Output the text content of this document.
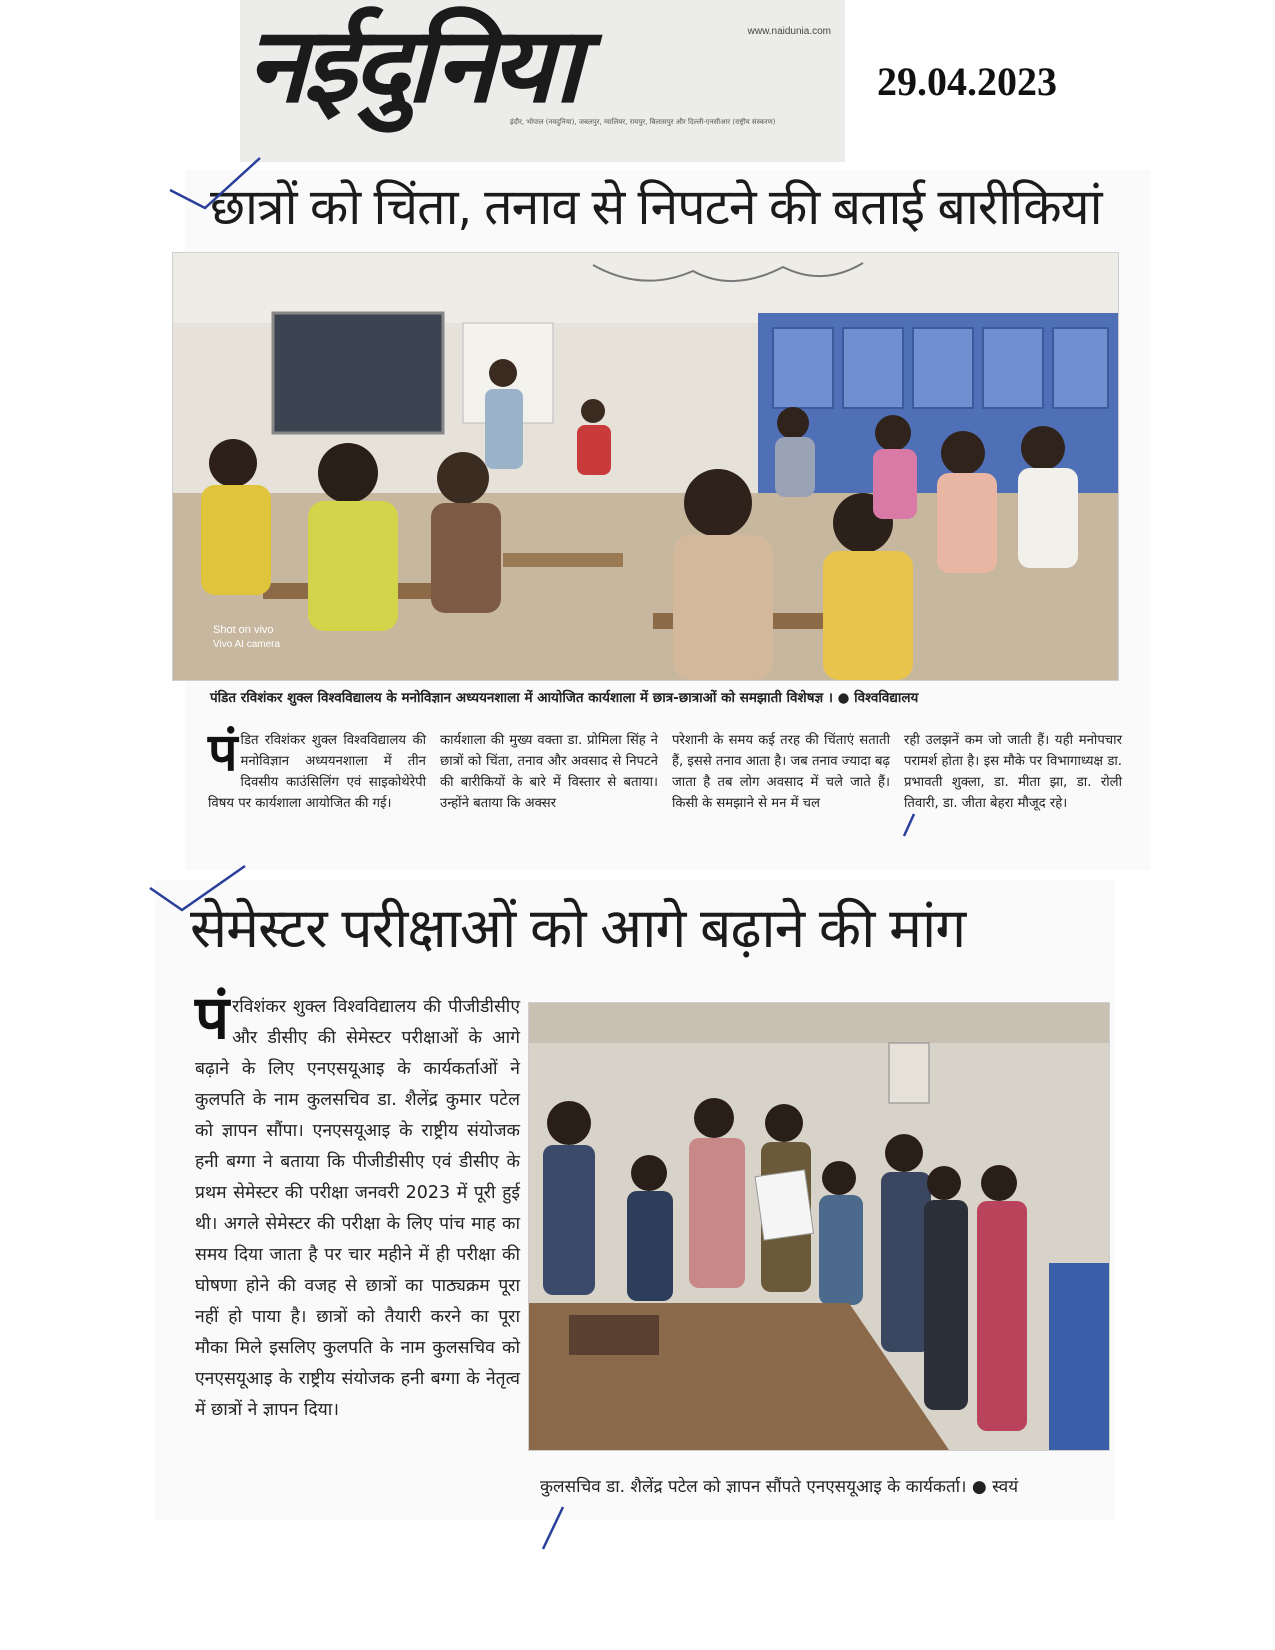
नईदुनिया	www.naidunia.com
इंदौर, भोपाल (नवदुनिया), जबलपुर, ग्वालियर, रायपुर, बिलासपुर और दिल्ली-एनसीआर (राष्ट्रीय संस्करण)
29.04.2023
छात्रों को चिंता, तनाव से निपटने की बताई बारीकियां
Shot on vivo
Vivo AI camera
पंडित रविशंकर शुक्ल विश्वविद्यालय के मनोविज्ञान अध्ययनशाला में आयोजित कार्यशाला में छात्र-छात्राओं को समझाती विशेषज्ञ । ● विश्वविद्यालय
पं डित रविशंकर शुक्ल विश्वविद्यालय की मनोविज्ञान अध्ययनशाला में तीन दिवसीय काउंसिलिंग एवं साइकोथेरेपी विषय पर कार्यशाला आयोजित की गई।
कार्यशाला की मुख्य वक्ता डा. प्रोमिला सिंह ने छात्रों को चिंता, तनाव और अवसाद से निपटने की बारीकियों के बारे में विस्तार से बताया। उन्होंने बताया कि अक्सर
परेशानी के समय कई तरह की चिंताएं सताती हैं, इससे तनाव आता है। जब तनाव ज्यादा बढ़ जाता है तब लोग अवसाद में चले जाते हैं। किसी के समझाने से मन में चल
रही उलझनें कम जो जाती हैं। यही मनोपचार परामर्श होता है। इस मौके पर विभागाध्यक्ष डा. प्रभावती शुक्ला, डा. मीता झा, डा. रोली तिवारी, डा. जीता बेहरा मौजूद रहे।
सेमेस्टर परीक्षाओं को आगे बढ़ाने की मांग
पं रविशंकर शुक्ल विश्वविद्यालय की पीजीडीसीए और डीसीए की सेमेस्टर परीक्षाओं के आगे बढ़ाने के लिए एनएसयूआइ के कार्यकर्ताओं ने कुलपति के नाम कुलसचिव डा. शैलेंद्र कुमार पटेल को ज्ञापन सौंपा। एनएसयूआइ के राष्ट्रीय संयोजक हनी बग्गा ने बताया कि पीजीडीसीए एवं डीसीए के प्रथम सेमेस्टर की परीक्षा जनवरी 2023 में पूरी हुई थी। अगले सेमेस्टर की परीक्षा के लिए पांच माह का समय दिया जाता है पर चार महीने में ही परीक्षा की घोषणा होने की वजह से छात्रों का पाठ्यक्रम पूरा नहीं हो पाया है। छात्रों को तैयारी करने का पूरा मौका मिले इसलिए कुलपति के नाम कुलसचिव को एनएसयूआइ के राष्ट्रीय संयोजक हनी बग्गा के नेतृत्व में छात्रों ने ज्ञापन दिया।
कुलसचिव डा. शैलेंद्र पटेल को ज्ञापन सौंपते एनएसयूआइ के कार्यकर्ता। ● स्वयं
